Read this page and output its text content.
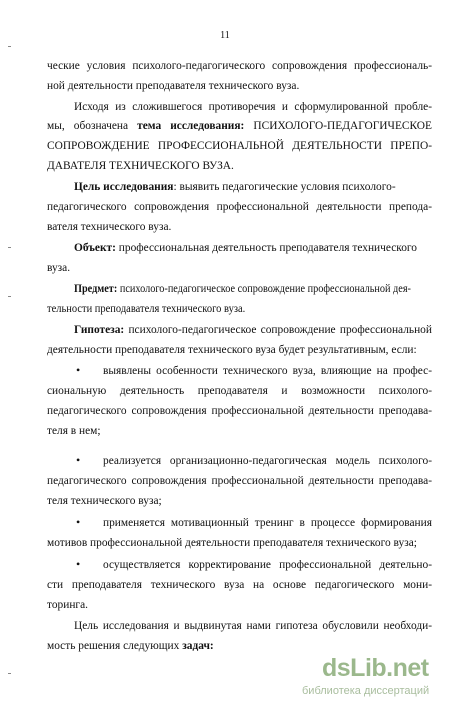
11
ческие условия психолого-педагогического сопровождения профессиональ-
ной деятельности преподавателя технического вуза.
Исходя из сложившегося противоречия и сформулированной пробле-
мы, обозначена тема исследования: ПСИХОЛОГО-ПЕДАГОГИЧЕСКОЕ
СОПРОВОЖДЕНИЕ ПРОФЕССИОНАЛЬНОЙ ДЕЯТЕЛЬНОСТИ ПРЕПО-
ДАВАТЕЛЯ ТЕХНИЧЕСКОГО ВУЗА.
Цель исследования: выявить педагогические условия психолого-
педагогического сопровождения профессиональной деятельности преподa-
вателя технического вуза.
Объект: профессиональная деятельность преподавателя технического
вуза.
Предмет: психолого-педагогическое сопровождение профессиональной дея-
тельности преподавателя технического вуза.
Гипотеза: психолого-педагогическое сопровождение профессиональной
деятельности преподавателя технического вуза будет результативным, если:
• выявлены особенности технического вуза, влияющие на профес-
сиональную деятельность преподавателя и возможности психолого-
педагогического сопровождения профессиональной деятельности преподава-
теля в нем;
• реализуется организационно-педагогическая модель психолого-
педагогического сопровождения профессиональной деятельности преподава-
теля технического вуза;
• применяется мотивационный тренинг в процессе формирования
мотивов профессиональной деятельности преподавателя технического вуза;
• осуществляется корректирование профессиональной деятельно-
сти преподавателя технического вуза на основе педагогического мони-
торинга.
Цель исследования и выдвинутая нами гипотеза обусловили необходи-
мость решения следующих задач:
dsLib.net
библиотека диссертаций
